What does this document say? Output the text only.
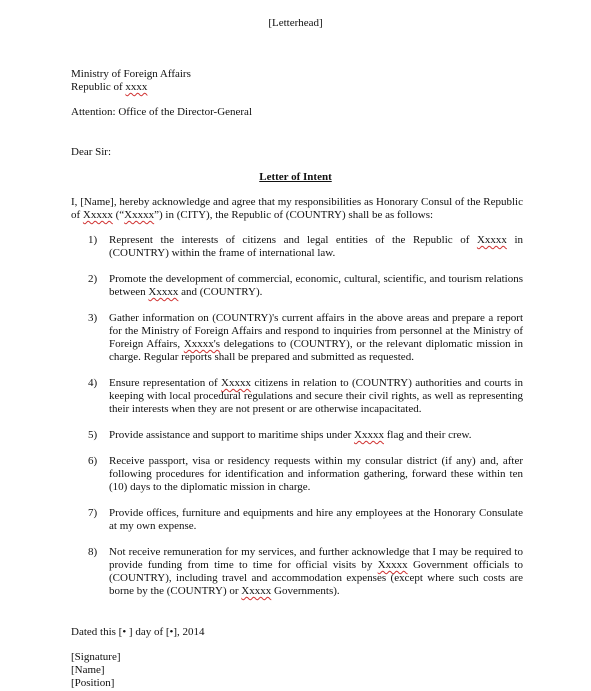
[Letterhead]
Ministry of Foreign Affairs
Republic of xxxx
Attention: Office of the Director-General
Dear Sir:
Letter of Intent
I, [Name], hereby acknowledge and agree that my responsibilities as Honorary Consul of the Republic of Xxxxx (“Xxxxx”) in (CITY), the Republic of (COUNTRY) shall be as follows:
1)	Represent the interests of citizens and legal entities of the Republic of Xxxxx in (COUNTRY) within the frame of international law.
2)	Promote the development of commercial, economic, cultural, scientific, and tourism relations between Xxxxx and (COUNTRY).
3)	Gather information on (COUNTRY)'s current affairs in the above areas and prepare a report for the Ministry of Foreign Affairs and respond to inquiries from personnel at the Ministry of Foreign Affairs, Xxxxx's delegations to (COUNTRY), or the relevant diplomatic mission in charge. Regular reports shall be prepared and submitted as requested.
4)	Ensure representation of Xxxxx citizens in relation to (COUNTRY) authorities and courts in keeping with local procedural regulations and secure their civil rights, as well as representing their interests when they are not present or are otherwise incapacitated.
5)	Provide assistance and support to maritime ships under Xxxxx flag and their crew.
6)	Receive passport, visa or residency requests within my consular district (if any) and, after following procedures for identification and information gathering, forward these within ten (10) days to the diplomatic mission in charge.
7)	Provide offices, furniture and equipments and hire any employees at the Honorary Consulate at my own expense.
8)	Not receive remuneration for my services, and further acknowledge that I may be required to provide funding from time to time for official visits by Xxxxx Government officials to (COUNTRY), including travel and accommodation expenses (except where such costs are borne by the (COUNTRY) or Xxxxx Governments).
Dated this [• ] day of [•], 2014
[Signature]
[Name]
[Position]
